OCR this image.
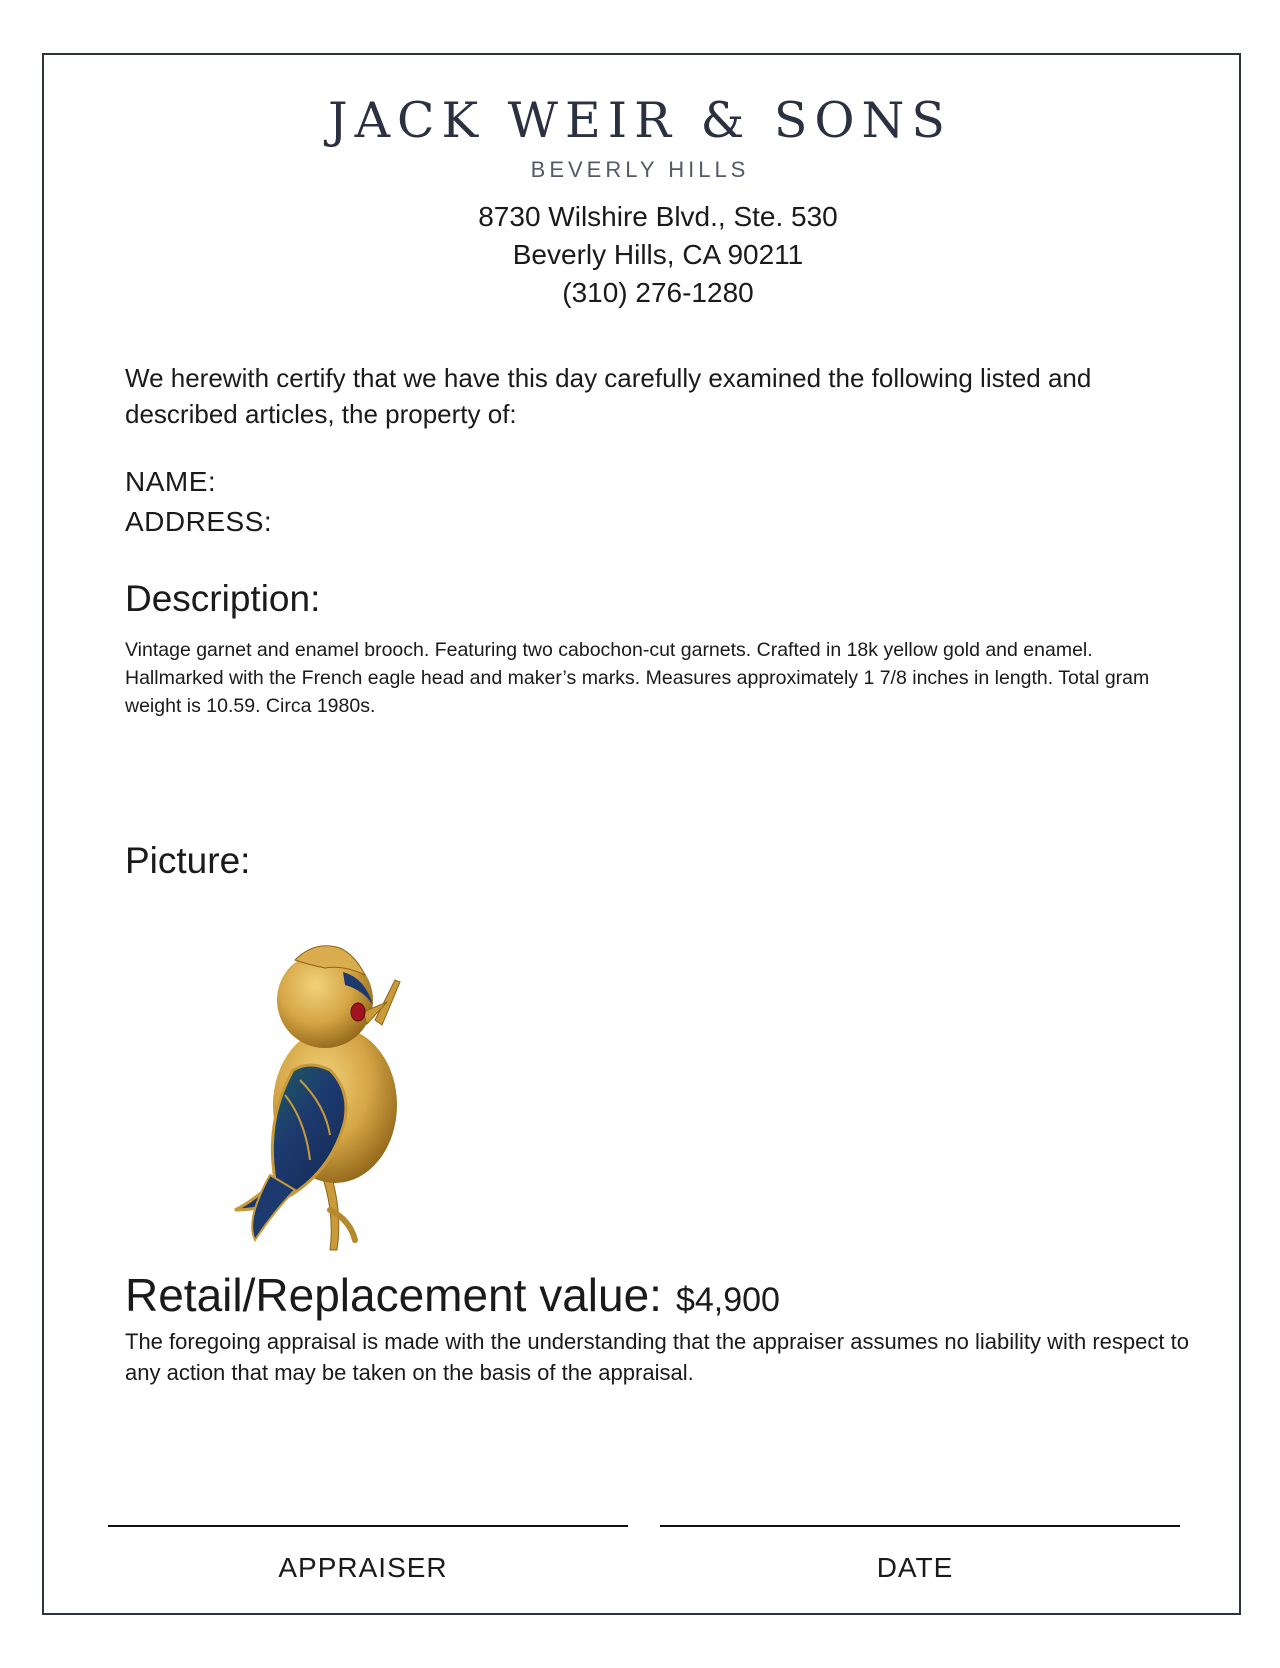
JACK WEIR & SONS
BEVERLY HILLS
8730 Wilshire Blvd., Ste. 530
Beverly Hills, CA 90211
(310) 276-1280
We herewith certify that we have this day carefully examined the following listed and described articles, the property of:
NAME:
ADDRESS:
Description:
Vintage garnet and enamel brooch. Featuring two cabochon-cut garnets. Crafted in 18k yellow gold and enamel. Hallmarked with the French eagle head and maker’s marks. Measures approximately 1 7/8 inches in length. Total gram weight is 10.59. Circa 1980s.
Picture:
Retail/Replacement value: $4,900
The foregoing appraisal is made with the understanding that the appraiser assumes no liability with respect to any action that may be taken on the basis of the appraisal.
APPRAISER	DATE
